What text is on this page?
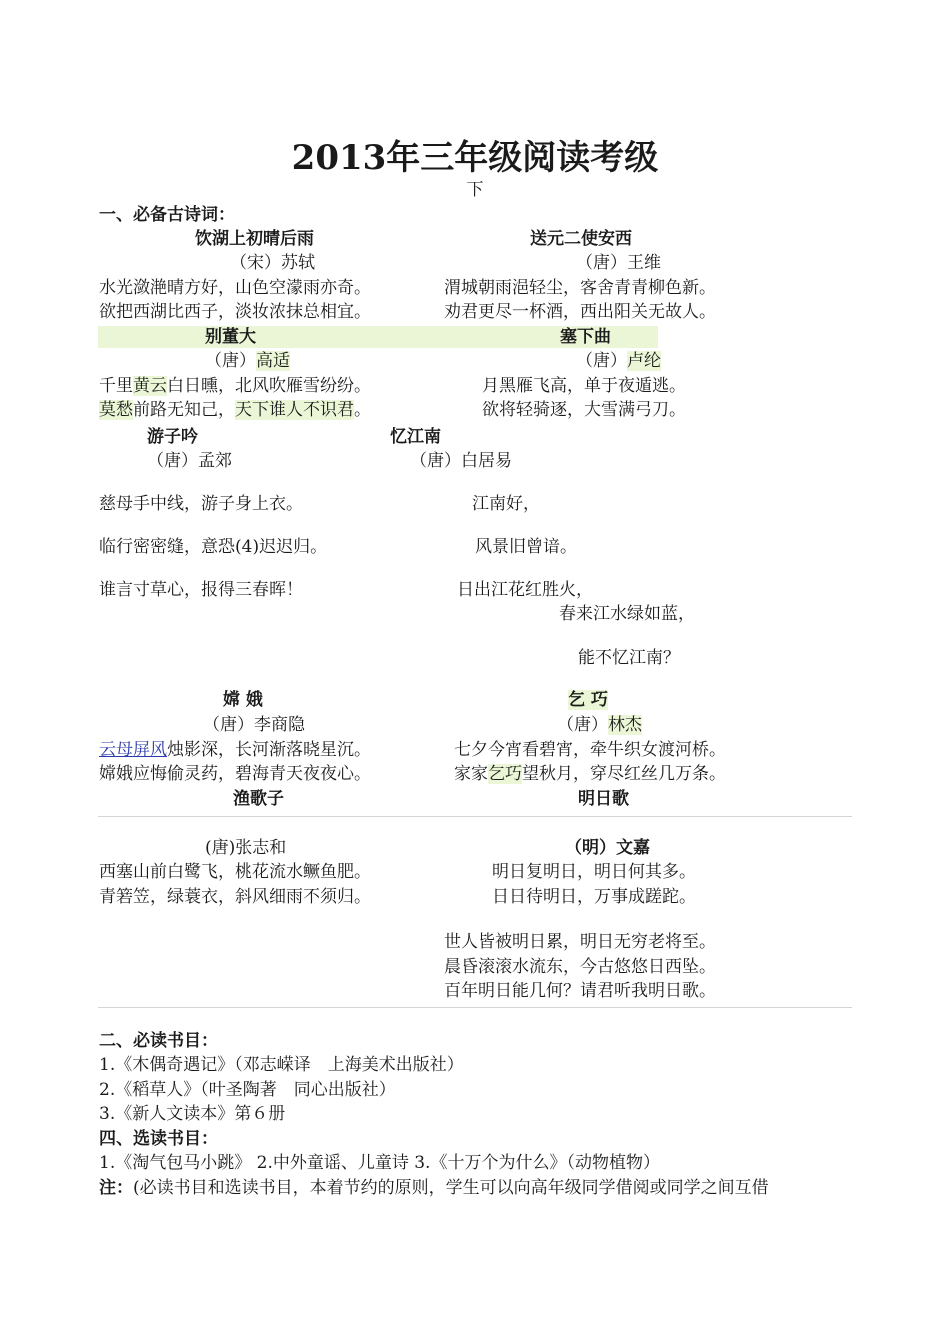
2013年三年级阅读考级
下
一、必备古诗词：
饮湖上初晴后雨	送元二使安西
（宋）苏轼	（唐）王维
水光潋滟晴方好，山色空濛雨亦奇。	渭城朝雨浥轻尘，客舍青青柳色新。
欲把西湖比西子，淡妆浓抹总相宜。	劝君更尽一杯酒，西出阳关无故人。
别董大	塞下曲
（唐）高适	（唐）卢纶
千里黄云白日曛，北风吹雁雪纷纷。	月黑雁飞高，单于夜遁逃。
莫愁前路无知己，天下谁人不识君。	欲将轻骑逐，大雪满弓刀。
游子吟	忆江南
（唐）孟郊	（唐）白居易
慈母手中线，游子身上衣。	江南好，
临行密密缝，意恐(4)迟迟归。	风景旧曾谙。
谁言寸草心，报得三春晖！	日出江花红胜火，
春来江水绿如蓝，
能不忆江南？
嫦 娥	乞 巧
（唐）李商隐	（唐）林杰
云母屏风烛影深，长河渐落晓星沉。	七夕今宵看碧宵，牵牛织女渡河桥。
嫦娥应悔偷灵药，碧海青天夜夜心。	家家乞巧望秋月，穿尽红丝几万条。
渔歌子	明日歌
(唐)张志和	（明）文嘉
西塞山前白鹭飞，桃花流水鳜鱼肥。	明日复明日，明日何其多。
青箬笠，绿蓑衣，斜风细雨不须归。	日日待明日，万事成蹉跎。
世人皆被明日累，明日无穷老将至。
晨昏滚滚水流东，今古悠悠日西坠。
百年明日能几何？请君听我明日歌。
二、必读书目：
1.《木偶奇遇记》（邓志嵘译　上海美术出版社）
2.《稻草人》（叶圣陶著　同心出版社）
3.《新人文读本》第６册
四、选读书目：
1.《淘气包马小跳》 2.中外童谣、儿童诗 3.《十万个为什么》（动物植物）
注：(必读书目和选读书目，本着节约的原则，学生可以向高年级同学借阅或同学之间互借
